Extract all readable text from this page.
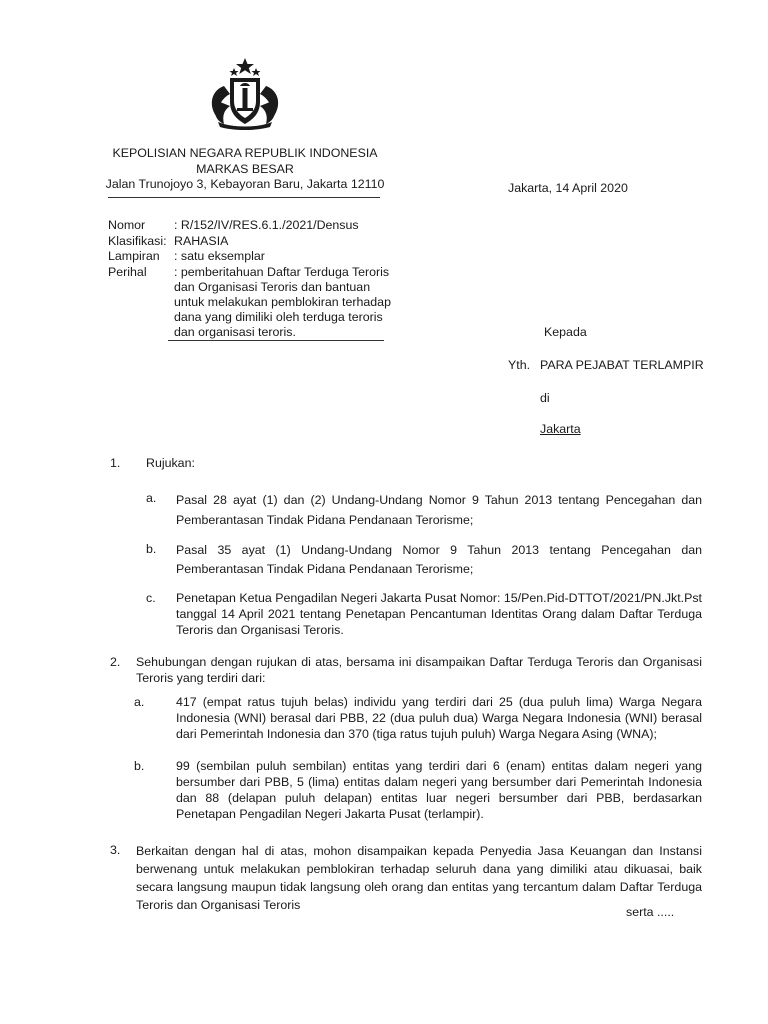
KEPOLISIAN NEGARA REPUBLIK INDONESIA
MARKAS BESAR
Jalan Trunojoyo 3, Kebayoran Baru, Jakarta 12110	Jakarta, 14 April 2020
Nomor	: R/152/IV/RES.6.1./2021/Densus
Klasifikasi: RAHASIA
Lampiran	: satu eksemplar
Perihal	: pemberitahuan Daftar Terduga Teroris dan Organisasi Teroris dan bantuan untuk melakukan pemblokiran terhadap dana yang dimiliki oleh terduga teroris dan organisasi teroris.	Kepada
Yth. PARA PEJABAT TERLAMPIR
di
Jakarta
1. Rujukan:
a. Pasal 28 ayat (1) dan (2) Undang-Undang Nomor 9 Tahun 2013 tentang Pencegahan dan Pemberantasan Tindak Pidana Pendanaan Terorisme;
b. Pasal 35 ayat (1) Undang-Undang Nomor 9 Tahun 2013 tentang Pencegahan dan Pemberantasan Tindak Pidana Pendanaan Terorisme;
c. Penetapan Ketua Pengadilan Negeri Jakarta Pusat Nomor: 15/Pen.Pid-DTTOT/2021/PN.Jkt.Pst tanggal 14 April 2021 tentang Penetapan Pencantuman Identitas Orang dalam Daftar Terduga Teroris dan Organisasi Teroris.
2. Sehubungan dengan rujukan di atas, bersama ini disampaikan Daftar Terduga Teroris dan Organisasi Teroris yang terdiri dari:
a.	417 (empat ratus tujuh belas) individu yang terdiri dari 25 (dua puluh lima) Warga Negara Indonesia (WNI) berasal dari PBB, 22 (dua puluh dua) Warga Negara Indonesia (WNI) berasal dari Pemerintah Indonesia dan 370 (tiga ratus tujuh puluh) Warga Negara Asing (WNA);
b.	99 (sembilan puluh sembilan) entitas yang terdiri dari 6 (enam) entitas dalam negeri yang bersumber dari PBB, 5 (lima) entitas dalam negeri yang bersumber dari Pemerintah Indonesia dan 88 (delapan puluh delapan) entitas luar negeri bersumber dari PBB, berdasarkan Penetapan Pengadilan Negeri Jakarta Pusat (terlampir).
3. Berkaitan dengan hal di atas, mohon disampaikan kepada Penyedia Jasa Keuangan dan Instansi berwenang untuk melakukan pemblokiran terhadap seluruh dana yang dimiliki atau dikuasai, baik secara langsung maupun tidak langsung oleh orang dan entitas yang tercantum dalam Daftar Terduga Teroris dan Organisasi Teroris	serta .....
